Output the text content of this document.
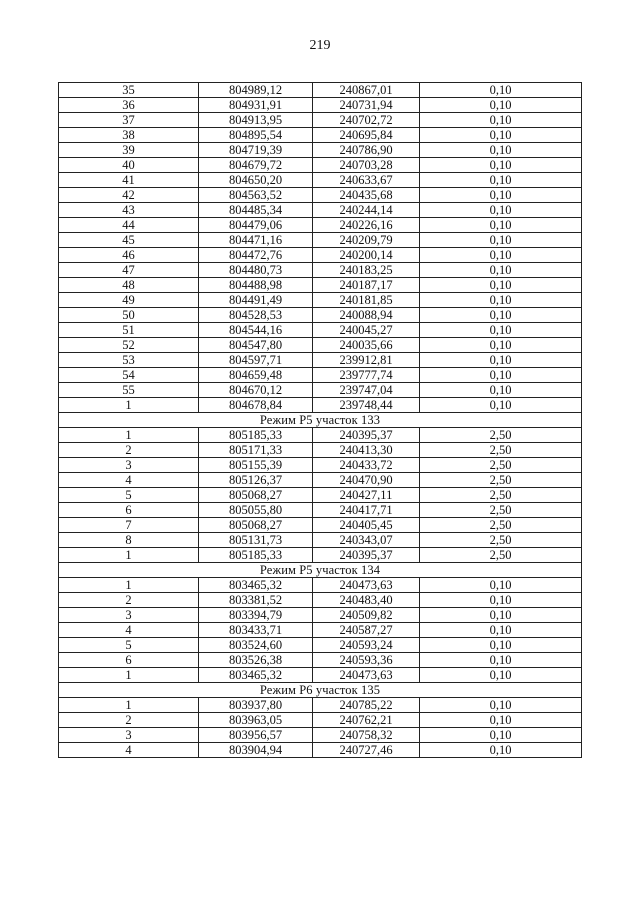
219
35	804989,12	240867,01	0,10
36	804931,91	240731,94	0,10
37	804913,95	240702,72	0,10
38	804895,54	240695,84	0,10
39	804719,39	240786,90	0,10
40	804679,72	240703,28	0,10
41	804650,20	240633,67	0,10
42	804563,52	240435,68	0,10
43	804485,34	240244,14	0,10
44	804479,06	240226,16	0,10
45	804471,16	240209,79	0,10
46	804472,76	240200,14	0,10
47	804480,73	240183,25	0,10
48	804488,98	240187,17	0,10
49	804491,49	240181,85	0,10
50	804528,53	240088,94	0,10
51	804544,16	240045,27	0,10
52	804547,80	240035,66	0,10
53	804597,71	239912,81	0,10
54	804659,48	239777,74	0,10
55	804670,12	239747,04	0,10
1	804678,84	239748,44	0,10
Режим Р5 участок 133			
1	805185,33	240395,37	2,50
2	805171,33	240413,30	2,50
3	805155,39	240433,72	2,50
4	805126,37	240470,90	2,50
5	805068,27	240427,11	2,50
6	805055,80	240417,71	2,50
7	805068,27	240405,45	2,50
8	805131,73	240343,07	2,50
1	805185,33	240395,37	2,50
Режим Р5 участок 134			
1	803465,32	240473,63	0,10
2	803381,52	240483,40	0,10
3	803394,79	240509,82	0,10
4	803433,71	240587,27	0,10
5	803524,60	240593,24	0,10
6	803526,38	240593,36	0,10
1	803465,32	240473,63	0,10
Режим Р6 участок 135			
1	803937,80	240785,22	0,10
2	803963,05	240762,21	0,10
3	803956,57	240758,32	0,10
4	803904,94	240727,46	0,10
